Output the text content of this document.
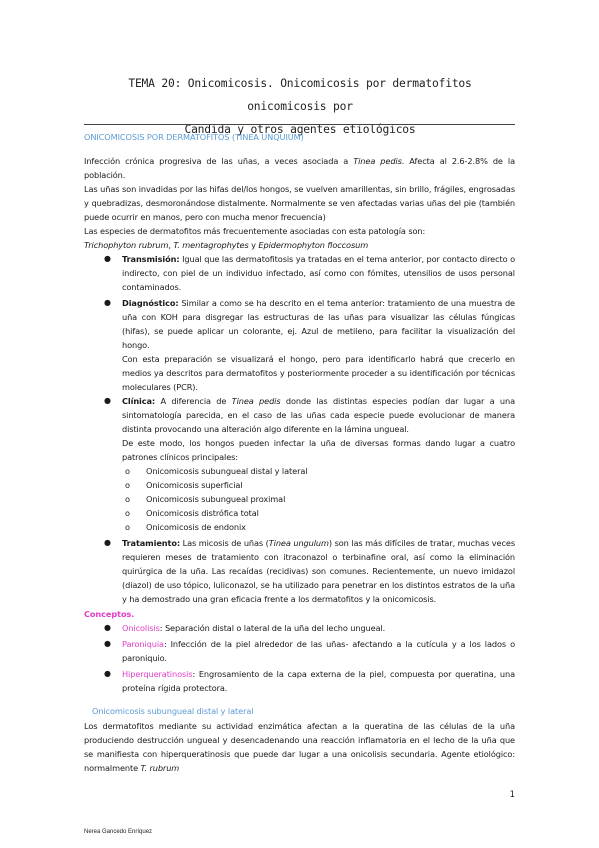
TEMA 20: Onicomicosis. Onicomicosis por dermatofitos onicomicosis por
Candida y otros agentes etiológicos

ONICOMICOSIS POR DERMATOFITOS (TINEA UNQUIUM)

Infección crónica progresiva de las uñas, a veces asociada a Tinea pedis. Afecta al 2.6-2.8% de la población.

Las uñas son invadidas por las hifas del/los hongos, se vuelven amarillentas, sin brillo, frágiles, engrosadas y quebradizas, desmoronándose distalmente. Normalmente se ven afectadas varias uñas del pie (también puede ocurrir en manos, pero con mucha menor frecuencia)

Las especies de dermatofitos más frecuentemente asociadas con esta patología son:
Trichophyton rubrum, T. mentagrophytes y Epidermophyton floccosum

● Transmisión: Igual que las dermatofitosis ya tratadas en el tema anterior, por contacto directo o indirecto, con piel de un individuo infectado, así como con fómites, utensilios de usos personal contaminados.
● Diagnóstico: Similar a como se ha descrito en el tema anterior: tratamiento de una muestra de uña con KOH para disgregar las estructuras de las uñas para visualizar las células fúngicas (hifas), se puede aplicar un colorante, ej. Azul de metileno, para facilitar la visualización del hongo.
Con esta preparación se visualizará el hongo, pero para identificarlo habrá que crecerlo en medios ya descritos para dermatofitos y posteriormente proceder a su identificación por técnicas moleculares (PCR).
● Clínica: A diferencia de Tinea pedis donde las distintas especies podían dar lugar a una sintomatología parecida, en el caso de las uñas cada especie puede evolucionar de manera distinta provocando una alteración algo diferente en la lámina ungueal.
De este modo, los hongos pueden infectar la uña de diversas formas dando lugar a cuatro patrones clínicos principales:
o Onicomicosis subungueal distal y lateral
o Onicomicosis superficial
o Onicomicosis subungueal proximal
o Onicomicosis distrófica total
o Onicomicosis de endonix
● Tratamiento: Las micosis de uñas (Tinea ungulum) son las más difíciles de tratar, muchas veces requieren meses de tratamiento con itraconazol o terbinafine oral, así como la eliminación quirúrgica de la uña. Las recaídas (recidivas) son comunes. Recientemente, un nuevo imidazol (diazol) de uso tópico, luliconazol, se ha utilizado para penetrar en los distintos estratos de la uña y ha demostrado una gran eficacia frente a los dermatofitos y la onicomicosis.

Conceptos.

● Onicolisis: Separación distal o lateral de la uña del lecho ungueal.
● Paroniquia: Infección de la piel alrededor de las uñas- afectando a la cutícula y a los lados o paroniquio.
● Hiperqueratinosis: Engrosamiento de la capa externa de la piel, compuesta por queratina, una proteína rígida protectora.

Onicomicosis subungueal distal y lateral

Los dermatofitos mediante su actividad enzimática afectan a la queratina de las células de la uña produciendo destrucción ungueal y desencadenando una reacción inflamatoria en el lecho de la uña que se manifiesta con hiperqueratinosis que puede dar lugar a una onicolisis secundaria. Agente etiológico: normalmente T. rubrum

1
Nerea Gancedo Enríquez
